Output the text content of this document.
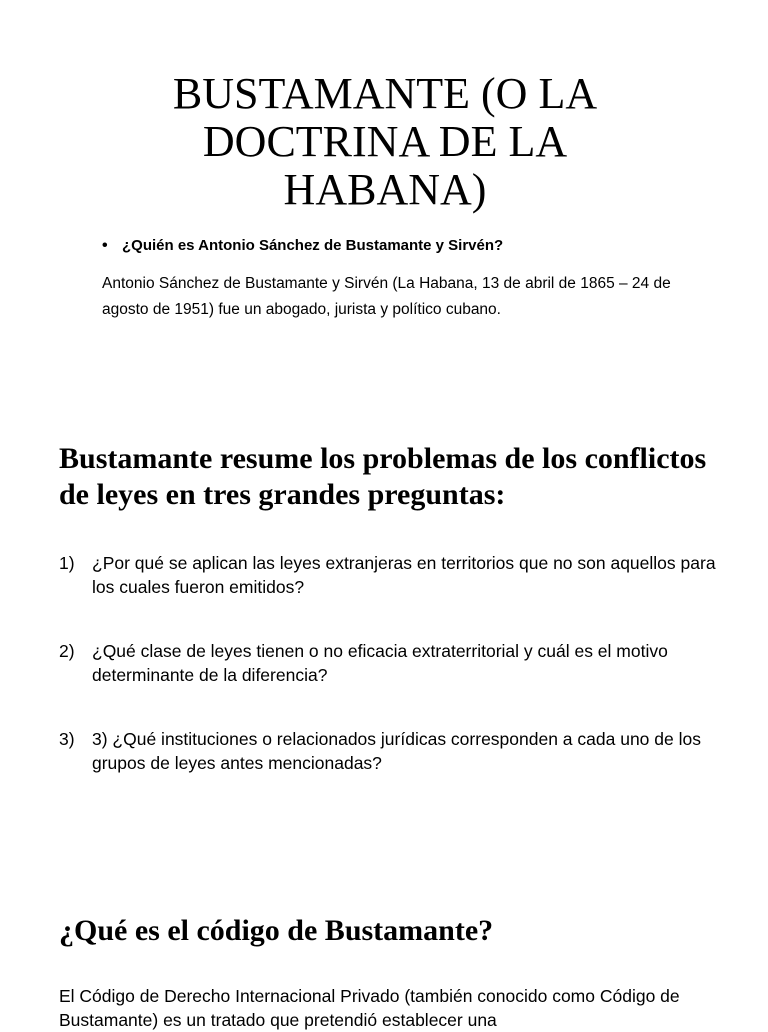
BUSTAMANTE (O LA DOCTRINA DE LA HABANA)
• ¿Quién es Antonio Sánchez de Bustamante y Sirvén?

Antonio Sánchez de Bustamante y Sirvén (La Habana, 13 de abril de 1865 – 24 de agosto de 1951) fue un abogado, jurista y político cubano.

Bustamante resume los problemas de los conflictos de leyes en tres grandes preguntas:
1) ¿Por qué se aplican las leyes extranjeras en territorios que no son aquellos para los cuales fueron emitidos?
2) ¿Qué clase de leyes tienen o no eficacia extraterritorial y cuál es el motivo determinante de la diferencia?
3) 3) ¿Qué instituciones o relacionados jurídicas corresponden a cada uno de los grupos de leyes antes mencionadas?
¿Qué es el código de Bustamante?

El Código de Derecho Internacional Privado (también conocido como Código de Bustamante) es un tratado que pretendió establecer una
